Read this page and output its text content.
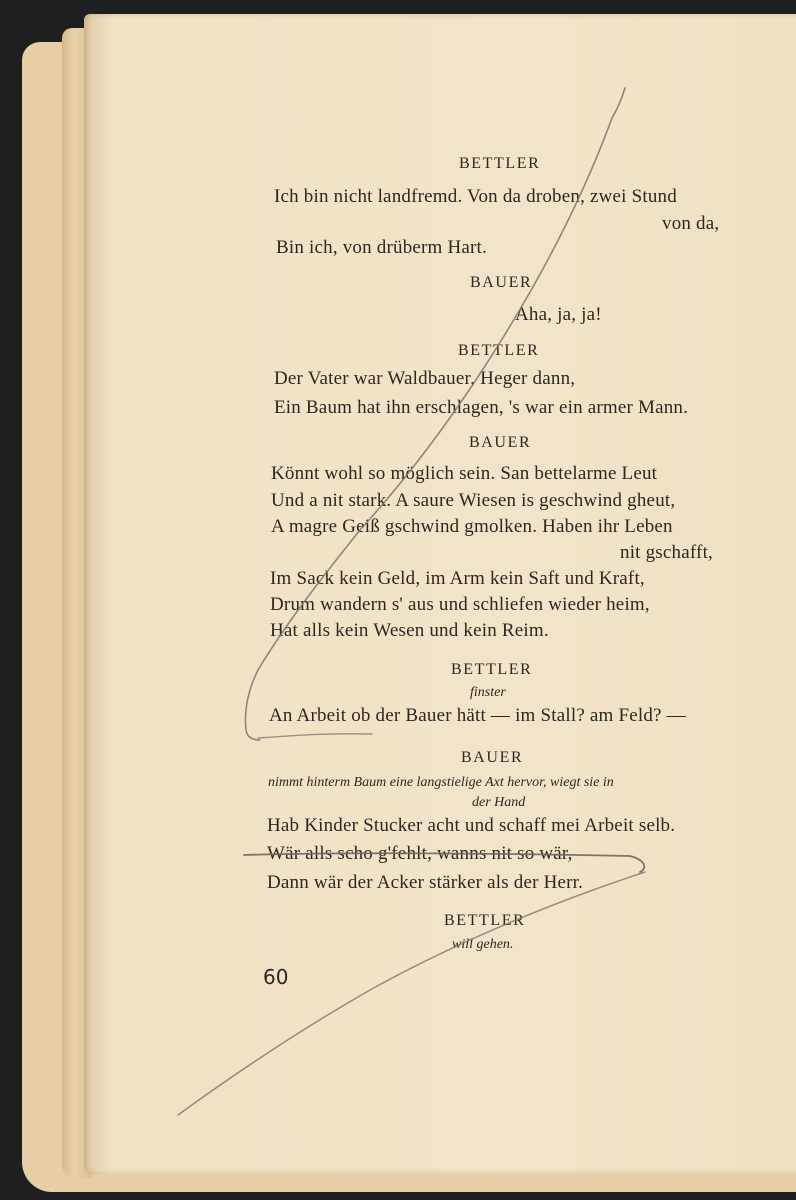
BETTLER
Ich bin nicht landfremd. Von da droben, zwei Stund
von da,
Bin ich, von drüberm Hart.
BAUER
Aha, ja, ja!
BETTLER
Der Vater war Waldbauer, Heger dann,
Ein Baum hat ihn erschlagen, 's war ein armer Mann.
BAUER
Könnt wohl so möglich sein. San bettelarme Leut
Und a nit stark. A saure Wiesen is geschwind gheut,
A magre Geiß gschwind gmolken. Haben ihr Leben
nit gschafft,
Im Sack kein Geld, im Arm kein Saft und Kraft,
Drum wandern s' aus und schliefen wieder heim,
Hat alls kein Wesen und kein Reim.
BETTLER
finster
An Arbeit ob der Bauer hätt — im Stall? am Feld? —
BAUER
nimmt hinterm Baum eine langstielige Axt hervor, wiegt sie in
der Hand
Hab Kinder Stucker acht und schaff mei Arbeit selb.
Wär alls scho g'fehlt, wanns nit so wär,
Dann wär der Acker stärker als der Herr.
BETTLER
will gehen.
60
